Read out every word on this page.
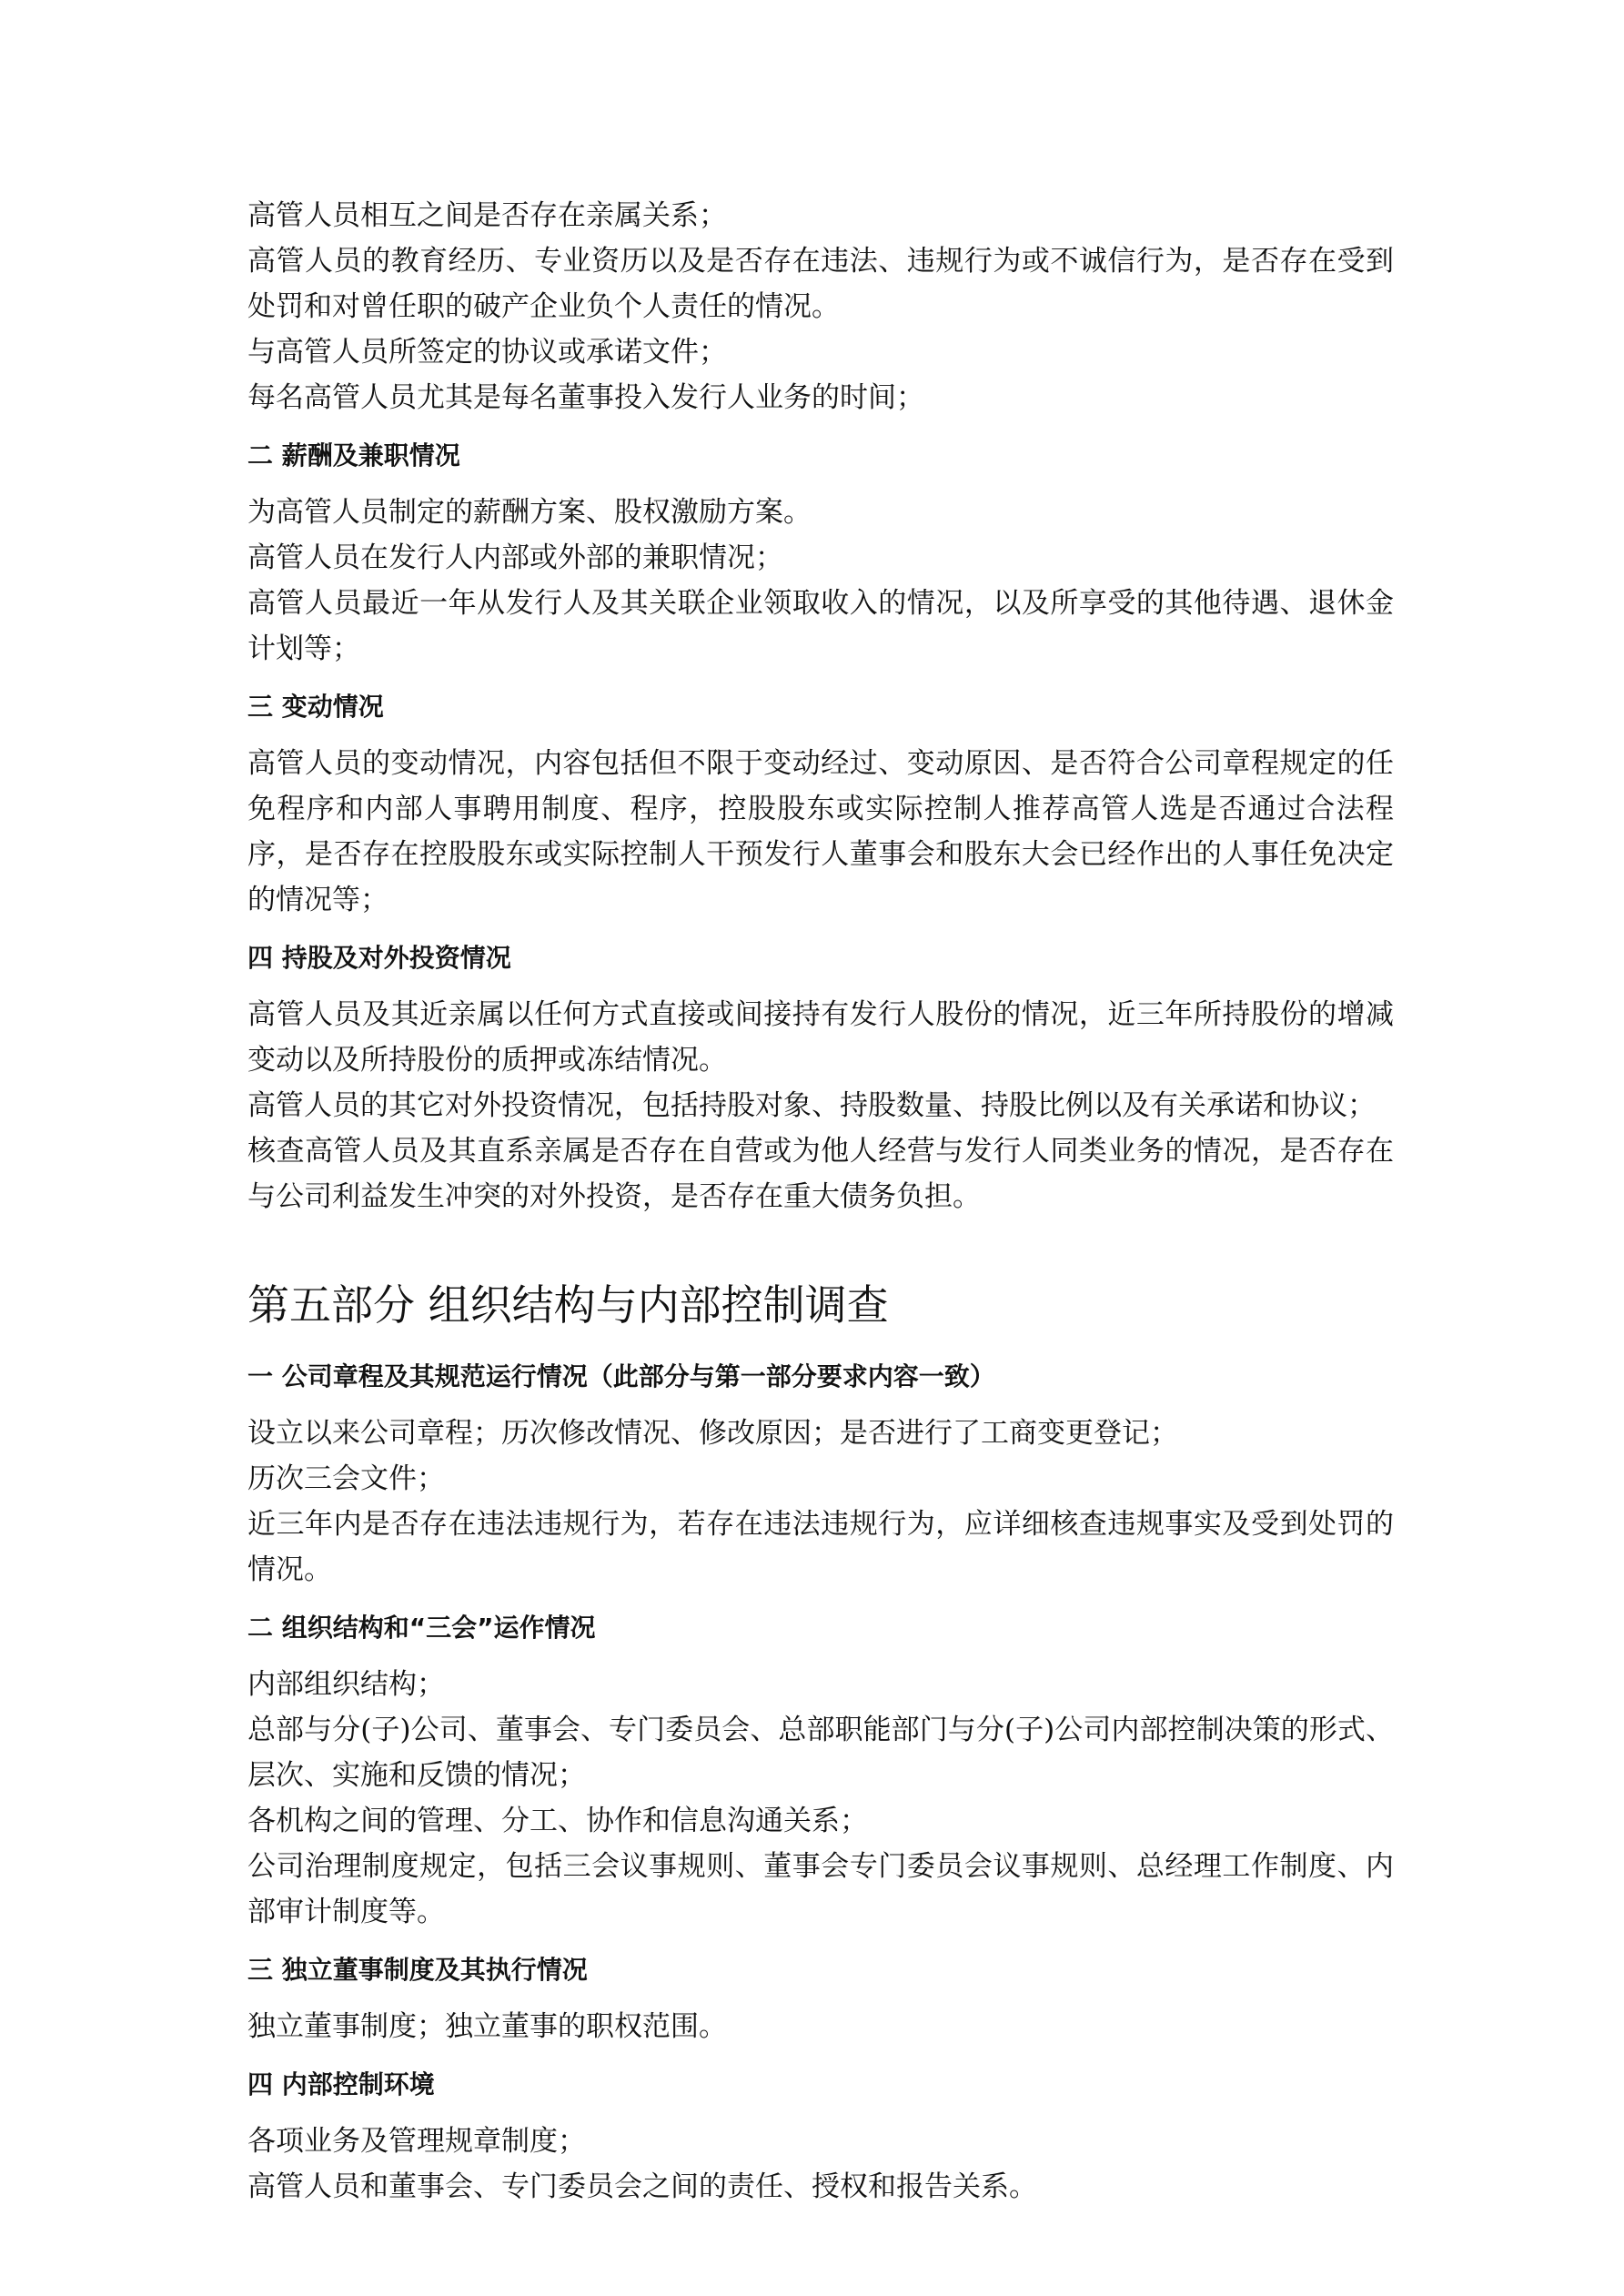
高管人员相互之间是否存在亲属关系；

高管人员的教育经历、专业资历以及是否存在违法、违规行为或不诚信行为，是否存在受到处罚和对曾任职的破产企业负个人责任的情况。

与高管人员所签定的协议或承诺文件；

每名高管人员尤其是每名董事投入发行人业务的时间；

二 薪酬及兼职情况

为高管人员制定的薪酬方案、股权激励方案。

高管人员在发行人内部或外部的兼职情况；

高管人员最近一年从发行人及其关联企业领取收入的情况，以及所享受的其他待遇、退休金计划等；

三 变动情况

高管人员的变动情况，内容包括但不限于变动经过、变动原因、是否符合公司章程规定的任免程序和内部人事聘用制度、程序，控股股东或实际控制人推荐高管人选是否通过合法程序，是否存在控股股东或实际控制人干预发行人董事会和股东大会已经作出的人事任免决定的情况等；

四 持股及对外投资情况

高管人员及其近亲属以任何方式直接或间接持有发行人股份的情况，近三年所持股份的增减变动以及所持股份的质押或冻结情况。

高管人员的其它对外投资情况，包括持股对象、持股数量、持股比例以及有关承诺和协议；

核查高管人员及其直系亲属是否存在自营或为他人经营与发行人同类业务的情况，是否存在与公司利益发生冲突的对外投资，是否存在重大债务负担。

第五部分 组织结构与内部控制调查
一 公司章程及其规范运行情况（此部分与第一部分要求内容一致）

设立以来公司章程；历次修改情况、修改原因；是否进行了工商变更登记；

历次三会文件；

近三年内是否存在违法违规行为，若存在违法违规行为，应详细核查违规事实及受到处罚的情况。

二 组织结构和“三会”运作情况

内部组织结构；

总部与分(子)公司、董事会、专门委员会、总部职能部门与分(子)公司内部控制决策的形式、层次、实施和反馈的情况；

各机构之间的管理、分工、协作和信息沟通关系；

公司治理制度规定，包括三会议事规则、董事会专门委员会议事规则、总经理工作制度、内部审计制度等。

三 独立董事制度及其执行情况

独立董事制度；独立董事的职权范围。

四 内部控制环境

各项业务及管理规章制度；

高管人员和董事会、专门委员会之间的责任、授权和报告关系。
